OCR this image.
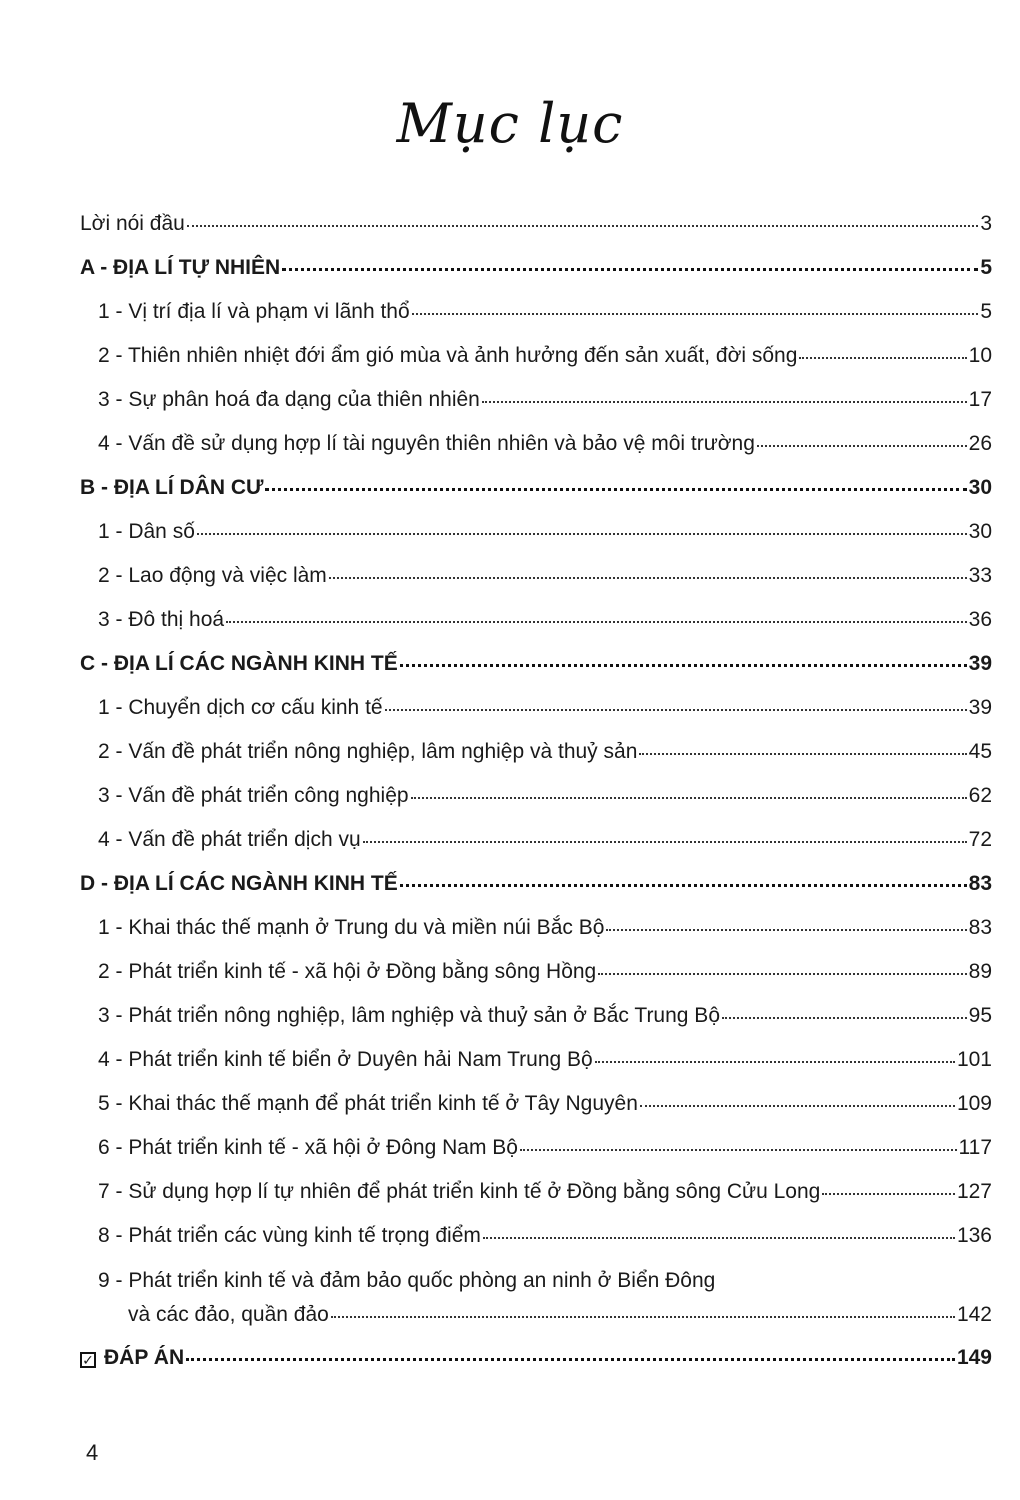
Mục lục
Lời nói đầu	3
A - ĐỊA LÍ TỰ NHIÊN	5
1 - Vị trí địa lí và phạm vi lãnh thổ	5
2 - Thiên nhiên nhiệt đới ẩm gió mùa và ảnh hưởng đến sản xuất, đời sống	10
3 - Sự phân hoá đa dạng của thiên nhiên	17
4 - Vấn đề sử dụng hợp lí tài nguyên thiên nhiên và bảo vệ môi trường	26
B - ĐỊA LÍ DÂN CƯ	30
1 - Dân số	30
2 - Lao động và việc làm	33
3 - Đô thị hoá	36
C - ĐỊA LÍ CÁC NGÀNH KINH TẾ	39
1 - Chuyển dịch cơ cấu kinh tế	39
2 - Vấn đề phát triển nông nghiệp, lâm nghiệp và thuỷ sản	45
3 - Vấn đề phát triển công nghiệp	62
4 - Vấn đề phát triển dịch vụ	72
D - ĐỊA LÍ CÁC NGÀNH KINH TẾ	83
1 - Khai thác thế mạnh ở Trung du và miền núi Bắc Bộ	83
2 - Phát triển kinh tế - xã hội ở Đồng bằng sông Hồng	89
3 - Phát triển nông nghiệp, lâm nghiệp và thuỷ sản ở Bắc Trung Bộ	95
4 - Phát triển kinh tế biển ở Duyên hải Nam Trung Bộ	101
5 - Khai thác thế mạnh để phát triển kinh tế ở Tây Nguyên	109
6 - Phát triển kinh tế - xã hội ở Đông Nam Bộ	117
7 - Sử dụng hợp lí tự nhiên để phát triển kinh tế ở Đồng bằng sông Cửu Long	127
8 - Phát triển các vùng kinh tế trọng điểm	136
9 - Phát triển kinh tế và đảm bảo quốc phòng an ninh ở Biển Đông
và các đảo, quần đảo	142
✓ ĐÁP ÁN	149
4
